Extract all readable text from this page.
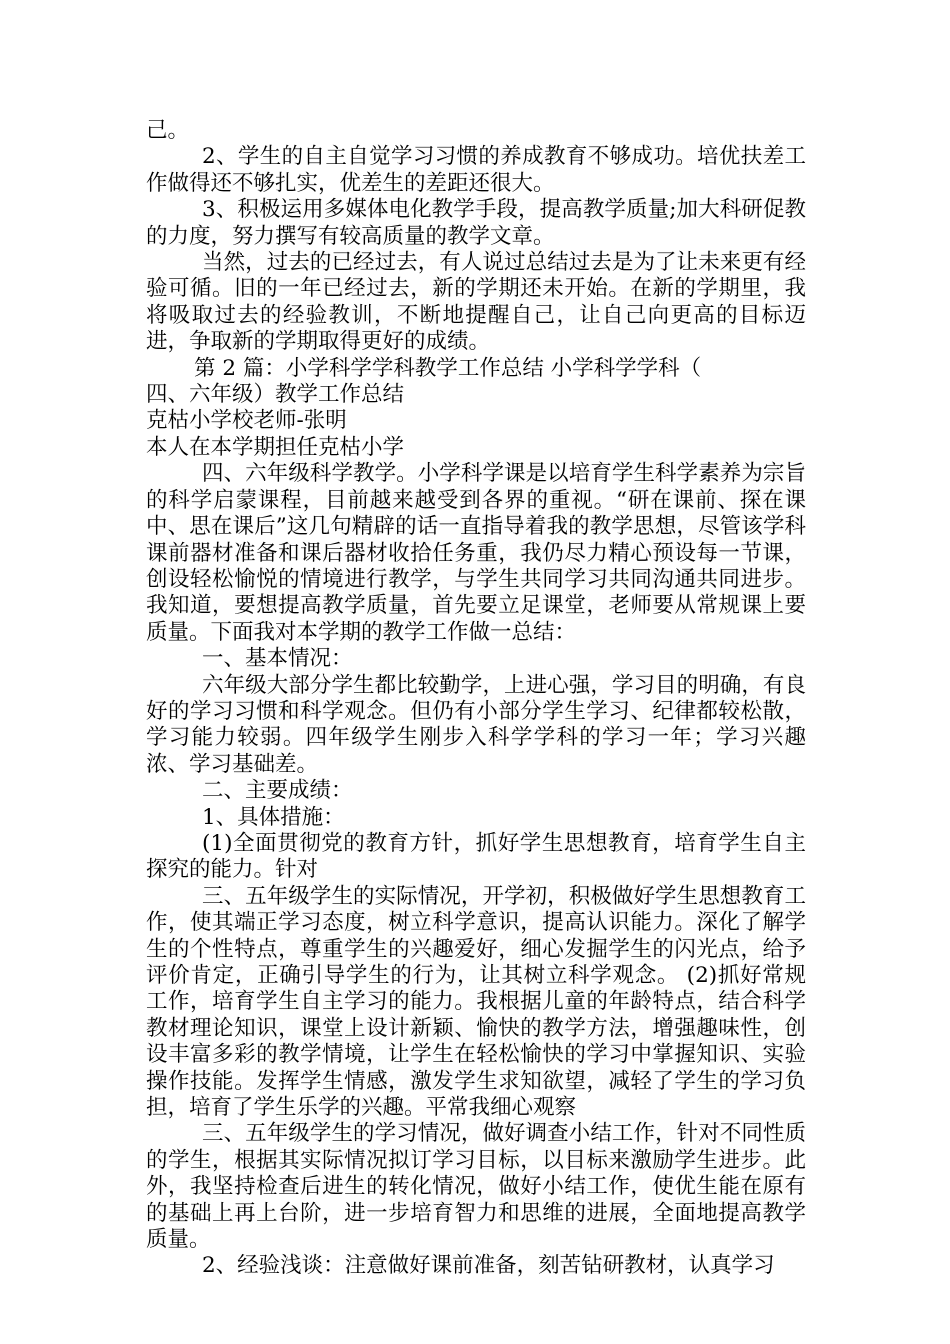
己。

2、学生的自主自觉学习习惯的养成教育不够成功。培优扶差工作做得还不够扎实，优差生的差距还很大。

3、积极运用多媒体电化教学手段，提高教学质量;加大科研促教的力度，努力撰写有较高质量的教学文章。

当然，过去的已经过去，有人说过总结过去是为了让未来更有经验可循。旧的一年已经过去，新的学期还未开始。在新的学期里，我将吸取过去的经验教训，不断地提醒自己，让自己向更高的目标迈进，争取新的学期取得更好的成绩。

第 2 篇：小学科学学科教学工作总结 小学科学学科（

四、六年级）教学工作总结

克枯小学校老师-张明

本人在本学期担任克枯小学

四、六年级科学教学。小学科学课是以培育学生科学素养为宗旨的科学启蒙课程，目前越来越受到各界的重视。“研在课前、探在课中、思在课后”这几句精辟的话一直指导着我的教学思想，尽管该学科课前器材准备和课后器材收拾任务重，我仍尽力精心预设每一节课，创设轻松愉悦的情境进行教学，与学生共同学习共同沟通共同进步。我知道，要想提高教学质量，首先要立足课堂，老师要从常规课上要质量。下面我对本学期的教学工作做一总结：

一、基本情况：

六年级大部分学生都比较勤学，上进心强，学习目的明确，有良好的学习习惯和科学观念。但仍有小部分学生学习、纪律都较松散，学习能力较弱。四年级学生刚步入科学学科的学习一年；学习兴趣浓、学习基础差。

二、主要成绩：

1、具体措施：

(1)全面贯彻党的教育方针，抓好学生思想教育，培育学生自主探究的能力。针对

三、五年级学生的实际情况，开学初，积极做好学生思想教育工作，使其端正学习态度，树立科学意识，提高认识能力。深化了解学生的个性特点，尊重学生的兴趣爱好，细心发掘学生的闪光点，给予评价肯定，正确引导学生的行为，让其树立科学观念。 (2)抓好常规工作，培育学生自主学习的能力。我根据儿童的年龄特点，结合科学教材理论知识，课堂上设计新颖、愉快的教学方法，增强趣味性，创设丰富多彩的教学情境，让学生在轻松愉快的学习中掌握知识、实验操作技能。发挥学生情感，激发学生求知欲望，减轻了学生的学习负担，培育了学生乐学的兴趣。平常我细心观察

三、五年级学生的学习情况，做好调查小结工作，针对不同性质的学生，根据其实际情况拟订学习目标，以目标来激励学生进步。此外，我坚持检查后进生的转化情况，做好小结工作，使优生能在原有的基础上再上台阶，进一步培育智力和思维的进展，全面地提高教学质量。

2、经验浅谈：注意做好课前准备，刻苦钻研教材，认真学习
